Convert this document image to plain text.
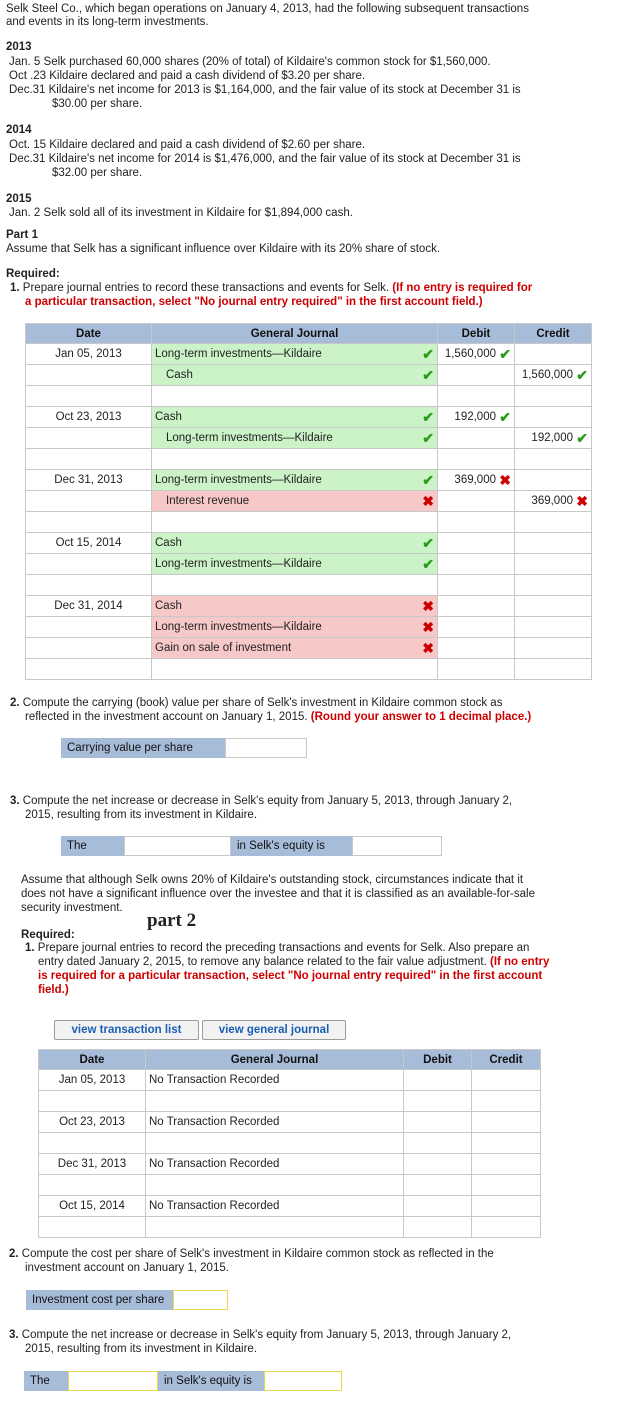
Selk Steel Co., which began operations on January 4, 2013, had the following subsequent transactions
and events in its long-term investments.
2013
Jan. 5 Selk purchased 60,000 shares (20% of total) of Kildaire's common stock for $1,560,000.
Oct .23 Kildaire declared and paid a cash dividend of $3.20 per share.
Dec.31 Kildaire's net income for 2013 is $1,164,000, and the fair value of its stock at December 31 is
$30.00 per share.
2014
Oct. 15 Kildaire declared and paid a cash dividend of $2.60 per share.
Dec.31 Kildaire's net income for 2014 is $1,476,000, and the fair value of its stock at December 31 is
$32.00 per share.
2015
Jan. 2 Selk sold all of its investment in Kildaire for $1,894,000 cash.
Part 1
Assume that Selk has a significant influence over Kildaire with its 20% share of stock.
Required:
1. Prepare journal entries to record these transactions and events for Selk. (If no entry is required for
a particular transaction, select "No journal entry required" in the first account field.)
Date	General Journal	Debit	Credit
Jan 05, 2013	Long-term investments—Kildaire ✔	1,560,000 ✔	

	Cash ✔		1,560,000 ✔

Oct 23, 2013	Cash ✔	192,000 ✔	

	Long-term investments—Kildaire ✔		192,000 ✔

Dec 31, 2013	Long-term investments—Kildaire ✔	369,000 ✖	

	Interest revenue ✖		369,000 ✖

Oct 15, 2014	Cash ✔		

	Long-term investments—Kildaire ✔		

Dec 31, 2014	Cash ✖		

	Long-term investments—Kildaire ✖		

	Gain on sale of investment ✖		

2. Compute the carrying (book) value per share of Selk's investment in Kildaire common stock as
reflected in the investment account on January 1, 2015. (Round your answer to 1 decimal place.)
Carrying value per share
3. Compute the net increase or decrease in Selk's equity from January 5, 2013, through January 2,
2015, resulting from its investment in Kildaire.
The	in Selk's equity is
Assume that although Selk owns 20% of Kildaire's outstanding stock, circumstances indicate that it
does not have a significant influence over the investee and that it is classified as an available-for-sale
security investment.
part 2
Required:
1. Prepare journal entries to record the preceding transactions and events for Selk. Also prepare an
entry dated January 2, 2015, to remove any balance related to the fair value adjustment. (If no entry
is required for a particular transaction, select "No journal entry required" in the first account
field.)
view transaction list	view general journal
Date	General Journal	Debit	Credit
Jan 05, 2013	No Transaction Recorded		

Oct 23, 2013	No Transaction Recorded		

Dec 31, 2013	No Transaction Recorded		

Oct 15, 2014	No Transaction Recorded		

2. Compute the cost per share of Selk's investment in Kildaire common stock as reflected in the
investment account on January 1, 2015.
Investment cost per share
3. Compute the net increase or decrease in Selk's equity from January 5, 2013, through January 2,
2015, resulting from its investment in Kildaire.
The	in Selk's equity is
